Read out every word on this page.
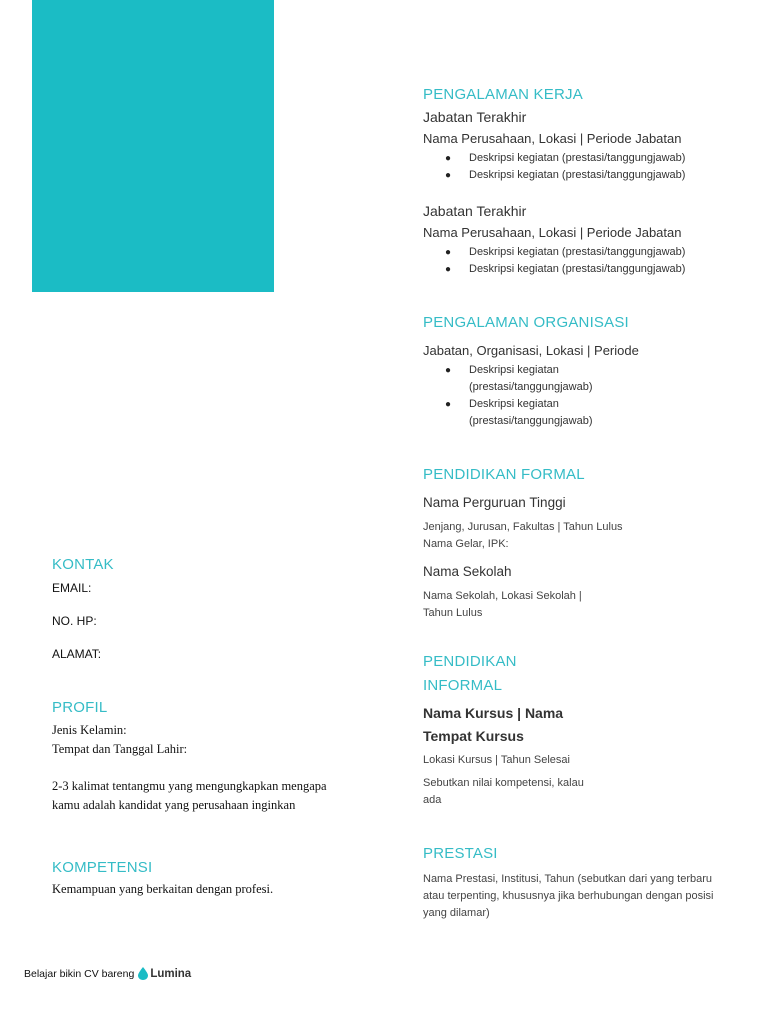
KONTAK
EMAIL:
NO. HP:
ALAMAT:
PROFIL
Jenis Kelamin:
Tempat dan Tanggal Lahir:
2-3 kalimat tentangmu yang mengungkapkan mengapa kamu adalah kandidat yang perusahaan inginkan
KOMPETENSI
Kemampuan yang berkaitan dengan profesi.
PENGALAMAN KERJA
Jabatan Terakhir
Nama Perusahaan, Lokasi | Periode Jabatan
● Deskripsi kegiatan (prestasi/tanggungjawab)
● Deskripsi kegiatan (prestasi/tanggungjawab)
Jabatan Terakhir
Nama Perusahaan, Lokasi | Periode Jabatan
● Deskripsi kegiatan (prestasi/tanggungjawab)
● Deskripsi kegiatan (prestasi/tanggungjawab)
PENGALAMAN ORGANISASI
Jabatan, Organisasi, Lokasi | Periode
● Deskripsi kegiatan (prestasi/tanggungjawab)
● Deskripsi kegiatan (prestasi/tanggungjawab)
PENDIDIKAN FORMAL
Nama Perguruan Tinggi
Jenjang, Jurusan, Fakultas | Tahun Lulus
Nama Gelar, IPK:
Nama Sekolah
Nama Sekolah, Lokasi Sekolah | Tahun Lulus
PENDIDIKAN INFORMAL
Nama Kursus | Nama Tempat Kursus
Lokasi Kursus | Tahun Selesai
Sebutkan nilai kompetensi, kalau ada
PRESTASI
Nama Prestasi, Institusi, Tahun (sebutkan dari yang terbaru atau terpenting, khususnya jika berhubungan dengan posisi yang dilamar)
Belajar bikin CV bareng Lumina
